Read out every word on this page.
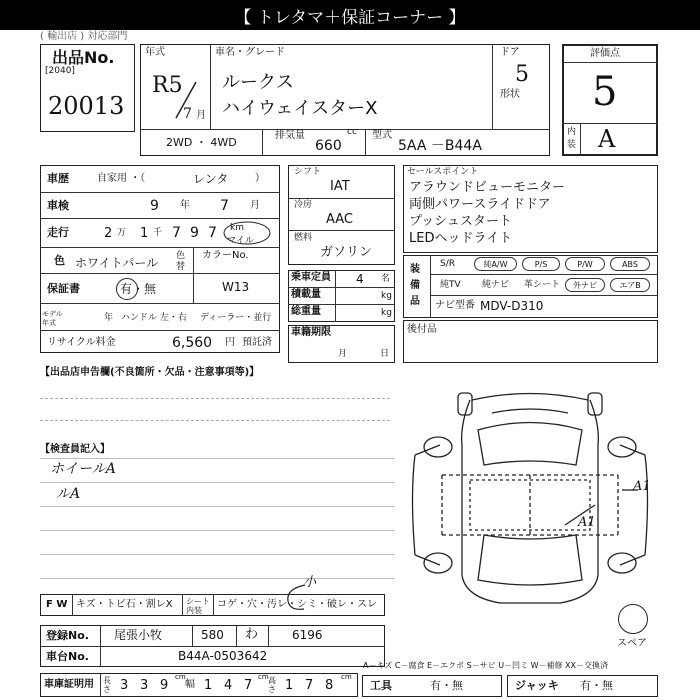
【 トレタマ＋保証コーナー 】
( 輸出店 ) 対応部門
出品No.
[2040]
20013
年式
R5
7 月
車名・グレード
ルークス
ハイウェイスターX
ドア
5
形状
2WD ・ 4WD
排気量	cc
660
型式
5AA －B44A
評価点
5
内装 A
車歴	自家用 ・（	レンタ	）
車検	9 年 7 月
走行	2 万 1 千 7 9 7 km
マイル
色 ホワイトパール 色替
カラーNo.
W13
保証書	有・無
モデル年式	年 ハンドル 左・右 ディーラー・並行
リサイクル料金	6,560 円 預託済
シフト
IAT
冷房
AAC
燃料
ガソリン
乗車定員 4 名
積載量	kg
総重量	kg
車籍期限
月	日
セールスポイント
アラウンドビューモニター
両側パワースライドドア
プッシュスタート
LEDヘッドライト
装備品
S/R	純A/W	P/S	P/W	ABS
純TV 純ナビ 革シート	外ナビ	エアB
ナビ型番 MDV-D310
後付品
【出品店申告欄(不良箇所・欠品・注意事項等)】
【検査員記入】
ホイールA
ルA	A1
A1
スペア
F W キズ・トビ石・割レX シート内装
コゲ・穴・汚レ・シミ・破レ・スレ
小
登録No. 尾張小牧	580 わ	6196
車台No.	B44A-0503642
車庫証明用 長さ 3 3 9
cm
幅 1 4 7
cm 高さ 1 7 8
cm
A－キズ C－腐食 E－エクボ S－サビ U－凹ミ W－補修 XX－交換済
工具	有・無	ジャッキ 有・無
